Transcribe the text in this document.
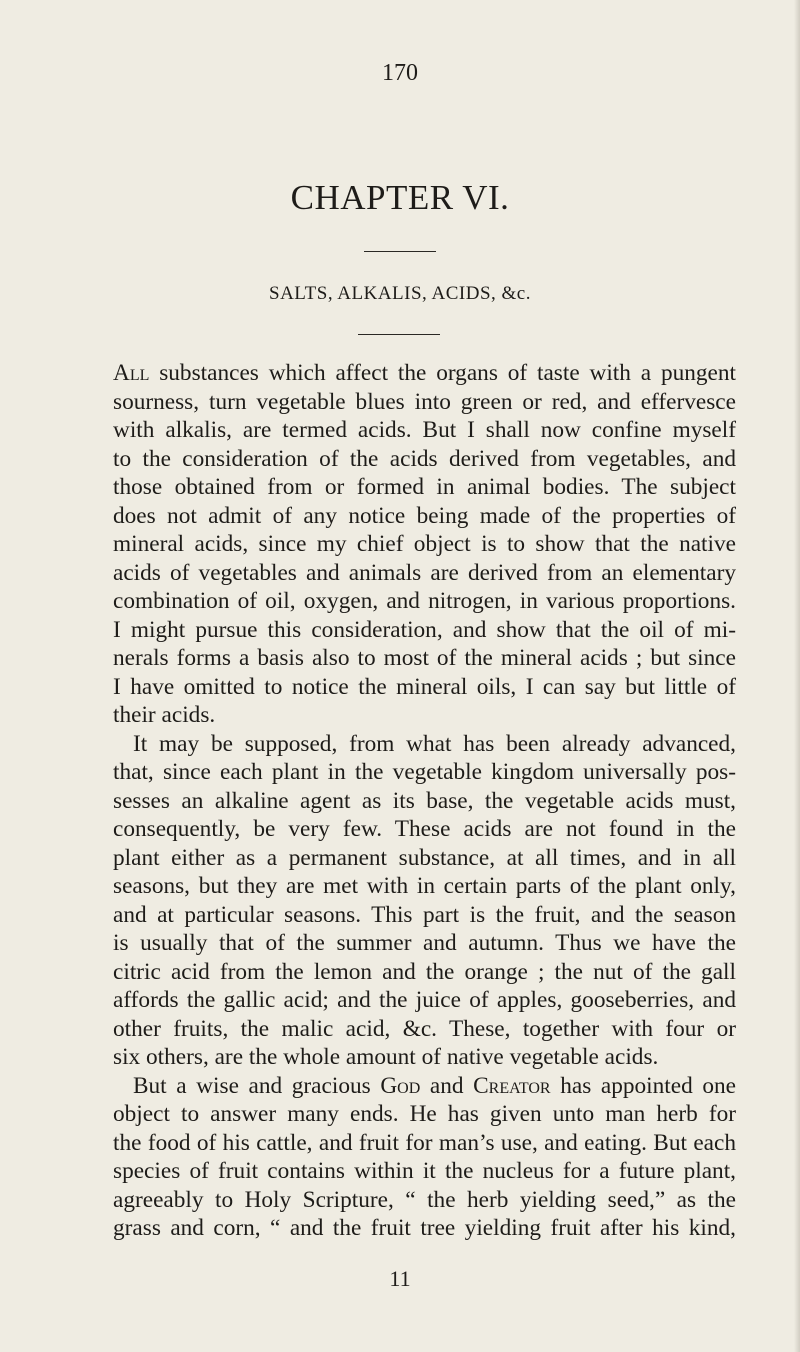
170
CHAPTER VI.
SALTS, ALKALIS, ACIDS, &c.
All substances which affect the organs of taste with a pungent
sourness, turn vegetable blues into green or red, and effervesce
with alkalis, are termed acids. But I shall now confine myself
to the consideration of the acids derived from vegetables, and
those obtained from or formed in animal bodies. The subject
does not admit of any notice being made of the properties of
mineral acids, since my chief object is to show that the native
acids of vegetables and animals are derived from an elementary
combination of oil, oxygen, and nitrogen, in various proportions.
I might pursue this consideration, and show that the oil of mi-
nerals forms a basis also to most of the mineral acids ; but since
I have omitted to notice the mineral oils, I can say but little of
their acids.
It may be supposed, from what has been already advanced,
that, since each plant in the vegetable kingdom universally pos-
sesses an alkaline agent as its base, the vegetable acids must,
consequently, be very few. These acids are not found in the
plant either as a permanent substance, at all times, and in all
seasons, but they are met with in certain parts of the plant only,
and at particular seasons. This part is the fruit, and the season
is usually that of the summer and autumn. Thus we have the
citric acid from the lemon and the orange ; the nut of the gall
affords the gallic acid; and the juice of apples, gooseberries, and
other fruits, the malic acid, &c. These, together with four or
six others, are the whole amount of native vegetable acids.
But a wise and gracious God and Creator has appointed one
object to answer many ends. He has given unto man herb for
the food of his cattle, and fruit for man’s use, and eating. But each
species of fruit contains within it the nucleus for a future plant,
agreeably to Holy Scripture, “ the herb yielding seed,” as the
grass and corn, “ and the fruit tree yielding fruit after his kind,
11
